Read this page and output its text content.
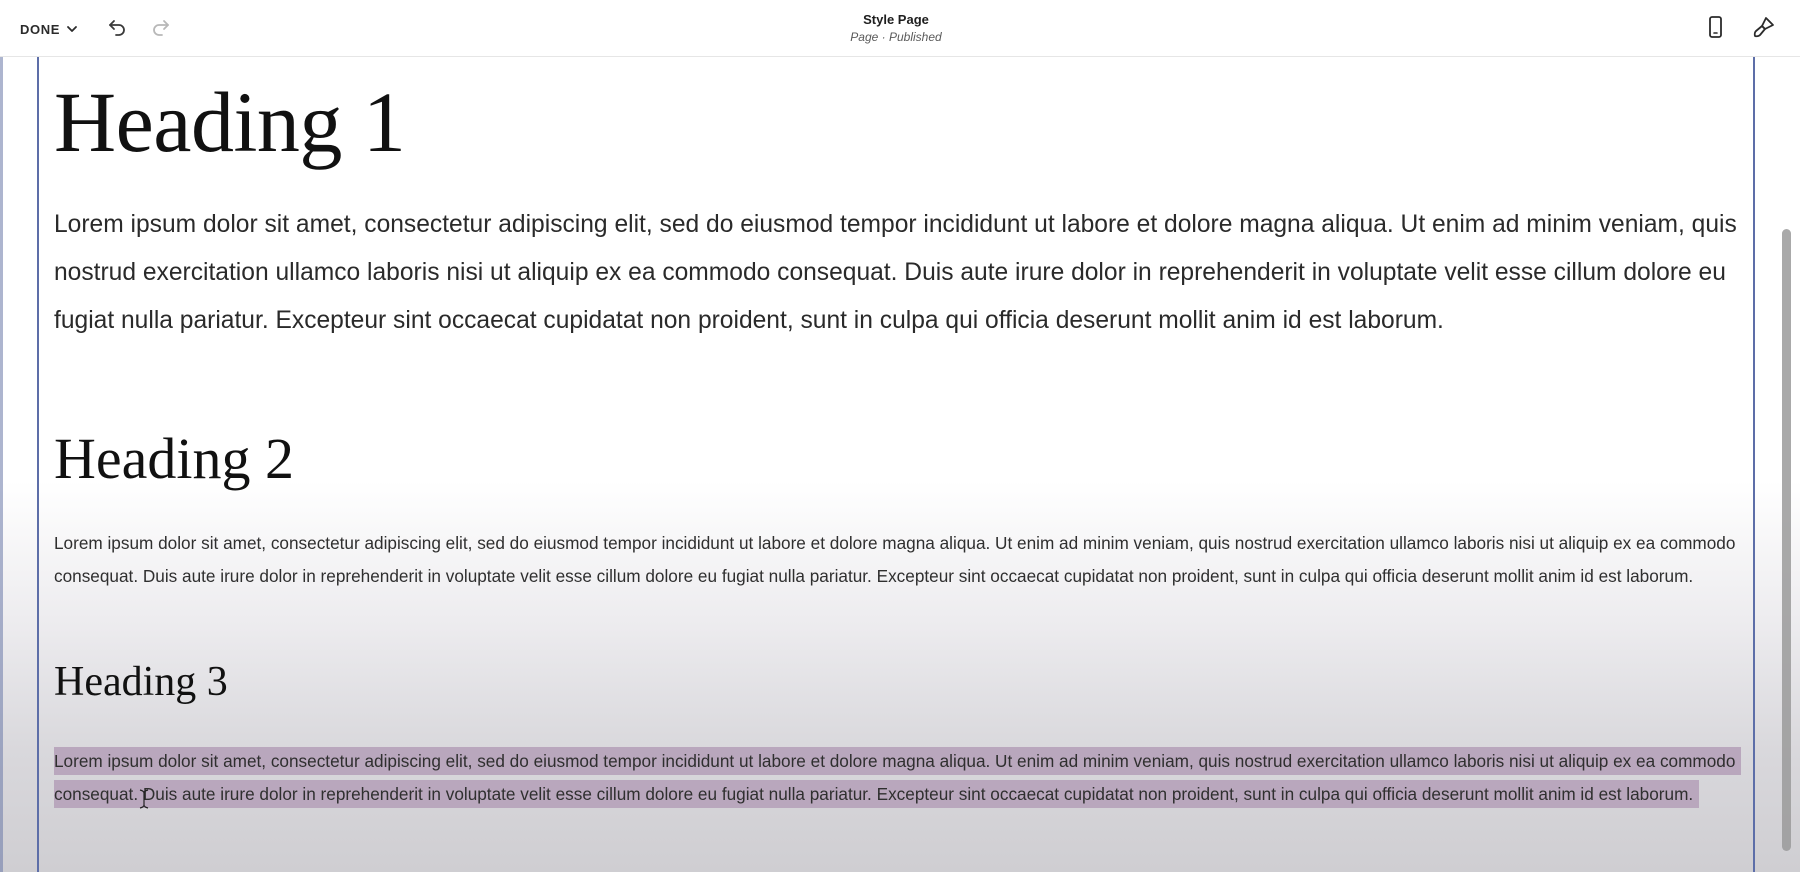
DONE
Style Page
Page · Published
Heading 1

Lorem ipsum dolor sit amet, consectetur adipiscing elit, sed do eiusmod tempor incididunt ut labore et dolore magna aliqua. Ut enim ad minim veniam, quis nostrud exercitation ullamco laboris nisi ut aliquip ex ea commodo consequat. Duis aute irure dolor in reprehenderit in voluptate velit esse cillum dolore eu fugiat nulla pariatur. Excepteur sint occaecat cupidatat non proident, sunt in culpa qui officia deserunt mollit anim id est laborum.

Heading 2

Lorem ipsum dolor sit amet, consectetur adipiscing elit, sed do eiusmod tempor incididunt ut labore et dolore magna aliqua. Ut enim ad minim veniam, quis nostrud exercitation ullamco laboris nisi ut aliquip ex ea commodo consequat. Duis aute irure dolor in reprehenderit in voluptate velit esse cillum dolore eu fugiat nulla pariatur. Excepteur sint occaecat cupidatat non proident, sunt in culpa qui officia deserunt mollit anim id est laborum.

Heading 3

Lorem ipsum dolor sit amet, consectetur adipiscing elit, sed do eiusmod tempor incididunt ut labore et dolore magna aliqua. Ut enim ad minim veniam, quis nostrud exercitation ullamco laboris nisi ut aliquip ex ea commodo consequat. Duis aute irure dolor in reprehenderit in voluptate velit esse cillum dolore eu fugiat nulla pariatur. Excepteur sint occaecat cupidatat non proident, sunt in culpa qui officia deserunt mollit anim id est laborum.
